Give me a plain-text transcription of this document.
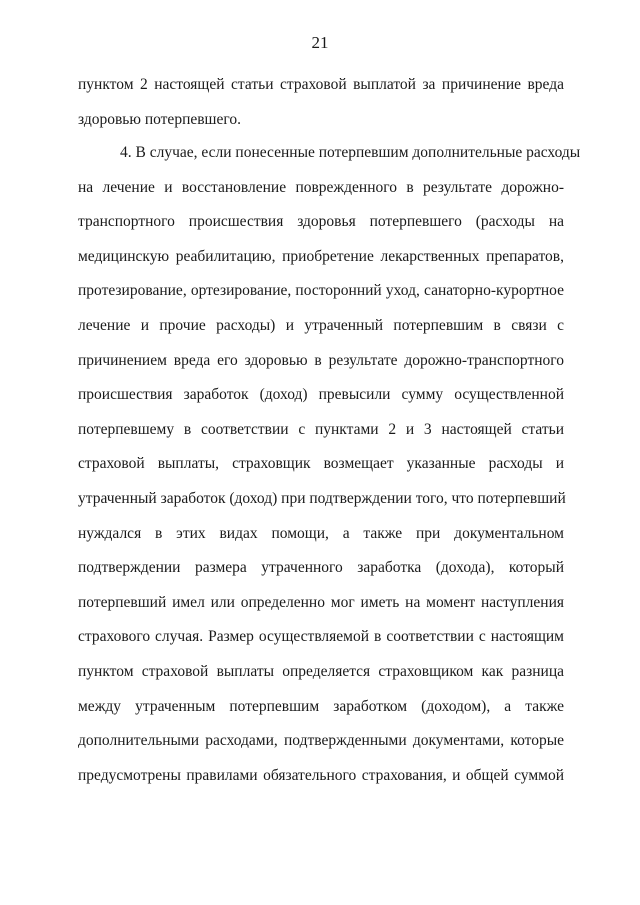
21
пунктом 2 настоящей статьи страховой выплатой за причинение вреда
здоровью потерпевшего.
4. В случае, если понесенные потерпевшим дополнительные расходы
на лечение и восстановление поврежденного в результате дорожно-
транспортного происшествия здоровья потерпевшего (расходы на
медицинскую реабилитацию, приобретение лекарственных препаратов,
протезирование, ортезирование, посторонний уход, санаторно-курортное
лечение и прочие расходы) и утраченный потерпевшим в связи с
причинением вреда его здоровью в результате дорожно-транспортного
происшествия заработок (доход) превысили сумму осуществленной
потерпевшему в соответствии с пунктами 2 и 3 настоящей статьи
страховой выплаты, страховщик возмещает указанные расходы и
утраченный заработок (доход) при подтверждении того, что потерпевший
нуждался в этих видах помощи, а также при документальном
подтверждении размера утраченного заработка (дохода), который
потерпевший имел или определенно мог иметь на момент наступления
страхового случая. Размер осуществляемой в соответствии с настоящим
пунктом страховой выплаты определяется страховщиком как разница
между утраченным потерпевшим заработком (доходом), а также
дополнительными расходами, подтвержденными документами, которые
предусмотрены правилами обязательного страхования, и общей суммой
